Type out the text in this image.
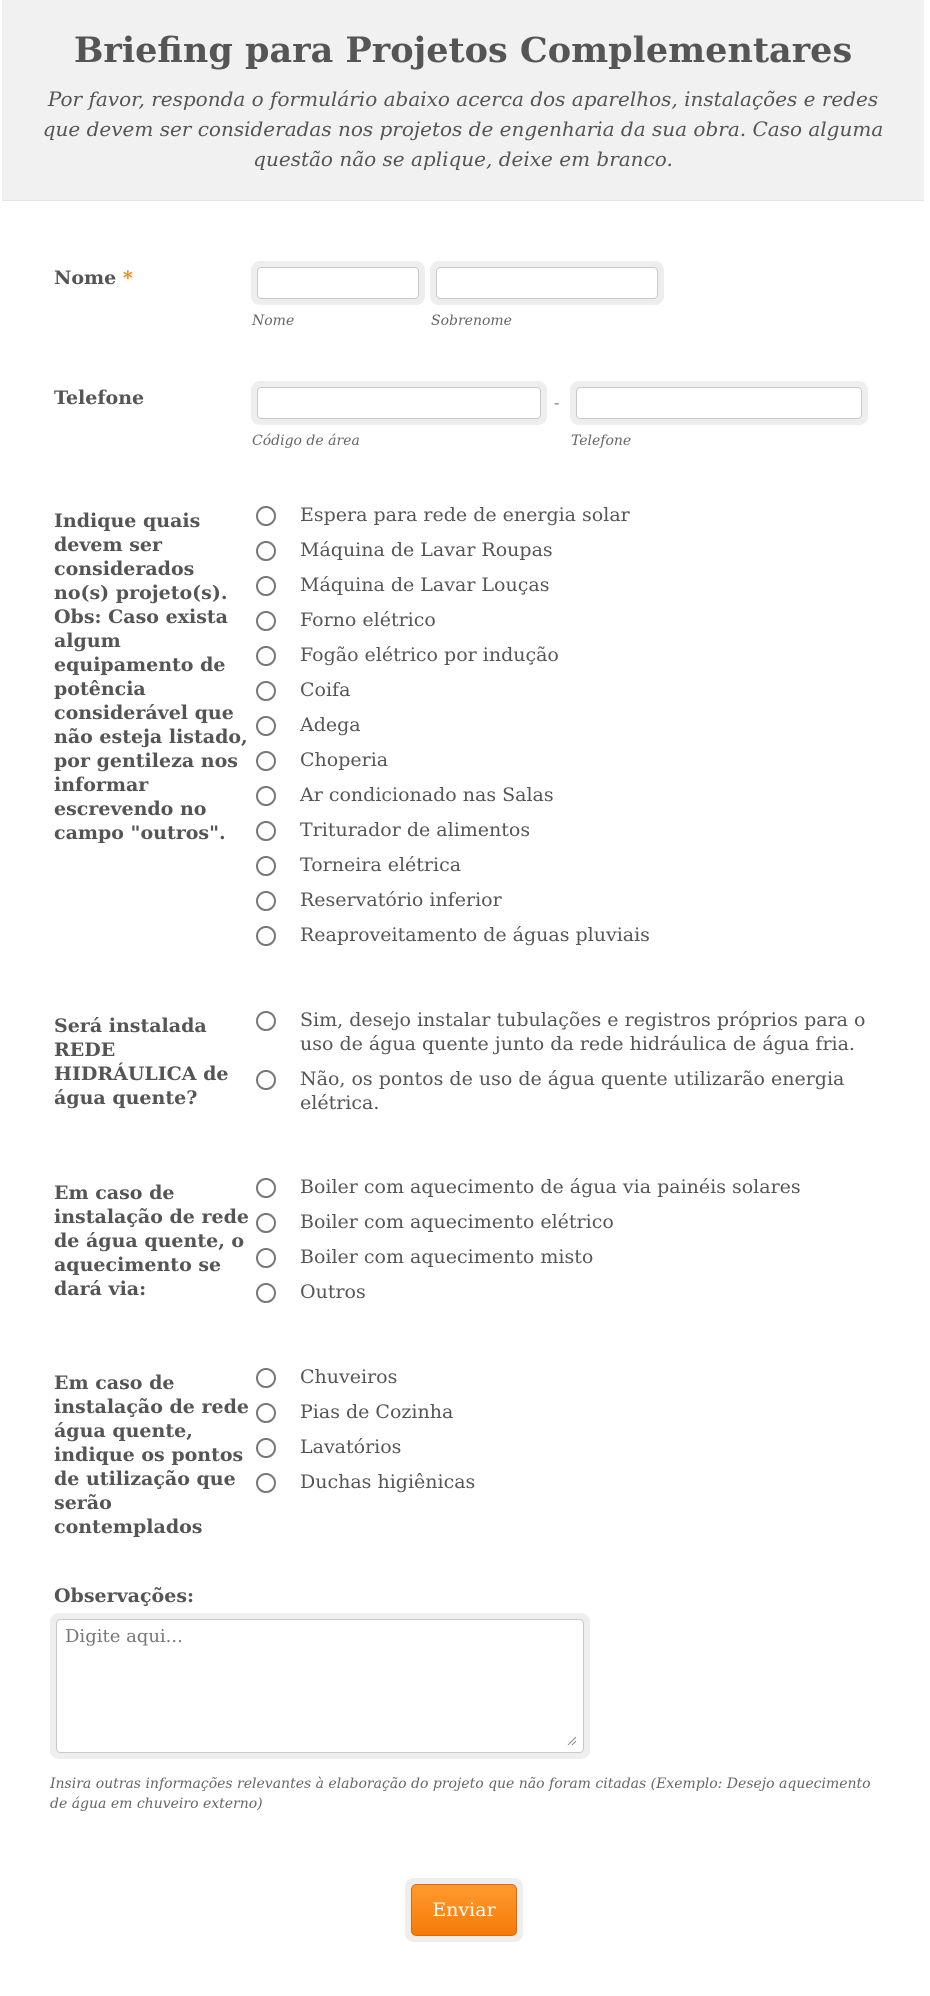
Briefing para Projetos Complementares

Por favor, responda o formulário abaixo acerca dos aparelhos, instalações e redes que devem ser consideradas nos projetos de engenharia da sua obra. Caso alguma questão não se aplique, deixe em branco.

Nome *
Nome	Sobrenome
Telefone	-
Código de área	Telefone
Indique quais devem ser considerados no(s) projeto(s). Obs: Caso exista algum equipamento de potência considerável que não esteja listado, por gentileza nos informar escrevendo no campo "outros".
Espera para rede de energia solar
Máquina de Lavar Roupas
Máquina de Lavar Louças
Forno elétrico
Fogão elétrico por indução
Coifa
Adega
Choperia
Ar condicionado nas Salas
Triturador de alimentos
Torneira elétrica
Reservatório inferior
Reaproveitamento de águas pluviais
Será instalada REDE HIDRÁULICA de água quente?
Sim, desejo instalar tubulações e registros próprios para o uso de água quente junto da rede hidráulica de água fria.
Não, os pontos de uso de água quente utilizarão energia elétrica.
Em caso de instalação de rede de água quente, o aquecimento se dará via:
Boiler com aquecimento de água via painéis solares
Boiler com aquecimento elétrico
Boiler com aquecimento misto
Outros
Em caso de instalação de rede água quente, indique os pontos de utilização que serão contemplados
Chuveiros
Pias de Cozinha
Lavatórios
Duchas higiênicas
Observações:
Digite aqui...
Insira outras informações relevantes à elaboração do projeto que não foram citadas (Exemplo: Desejo aquecimento de água em chuveiro externo)
Enviar
